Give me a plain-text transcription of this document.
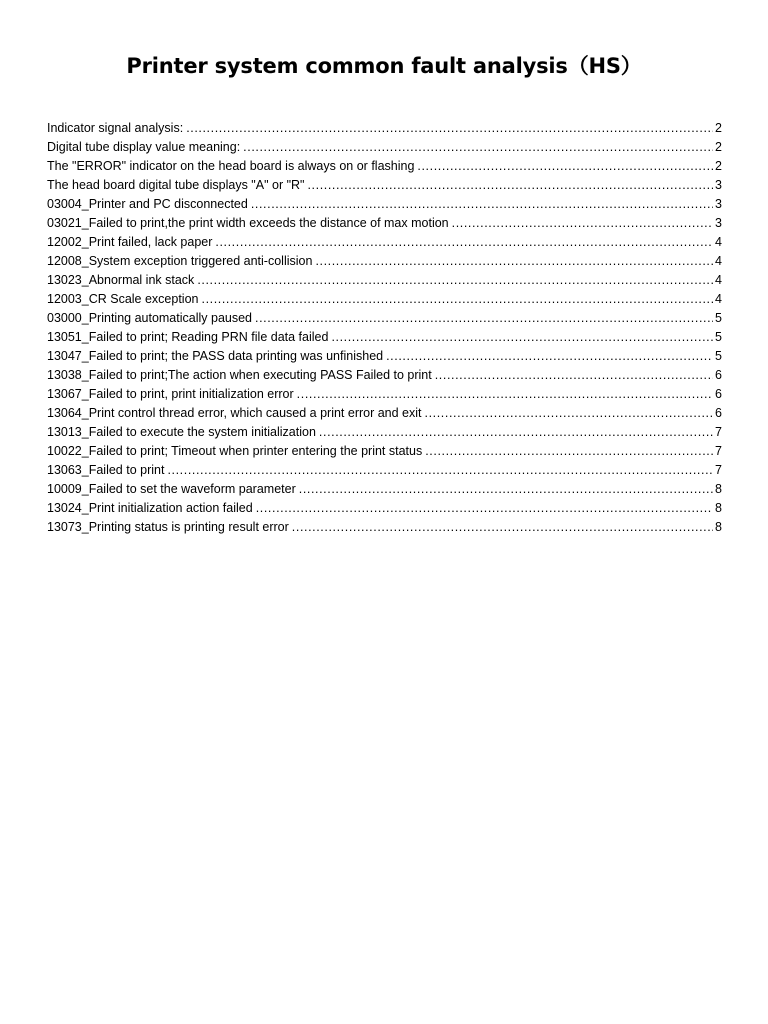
Printer system common fault analysis（HS）
Indicator signal analysis: .....	2
Digital tube display value meaning: .....	2
The "ERROR" indicator on the head board is always on or flashing .....	2
The head board digital tube displays "A" or "R" .....	3
03004_Printer and PC disconnected .....	3
03021_Failed to print,the print width exceeds the distance of max motion .....	3
12002_Print failed, lack paper .....	4
12008_System exception triggered anti-collision .....	4
13023_Abnormal ink stack .....	4
12003_CR Scale exception .....	4
03000_Printing automatically paused .....	5
13051_Failed to print; Reading PRN file data failed .....	5
13047_Failed to print; the PASS data printing was unfinished .....	5
13038_Failed to print;The action when executing PASS Failed to print .....	6
13067_Failed to print, print initialization error .....	6
13064_Print control thread error, which caused a print error and exit .....	6
13013_Failed to execute the system initialization .....	7
10022_Failed to print; Timeout when printer entering the print status .....	7
13063_Failed to print .....	7
10009_Failed to set the waveform parameter .....	8
13024_Print initialization action failed .....	8
13073_Printing status is printing result error .....	8
